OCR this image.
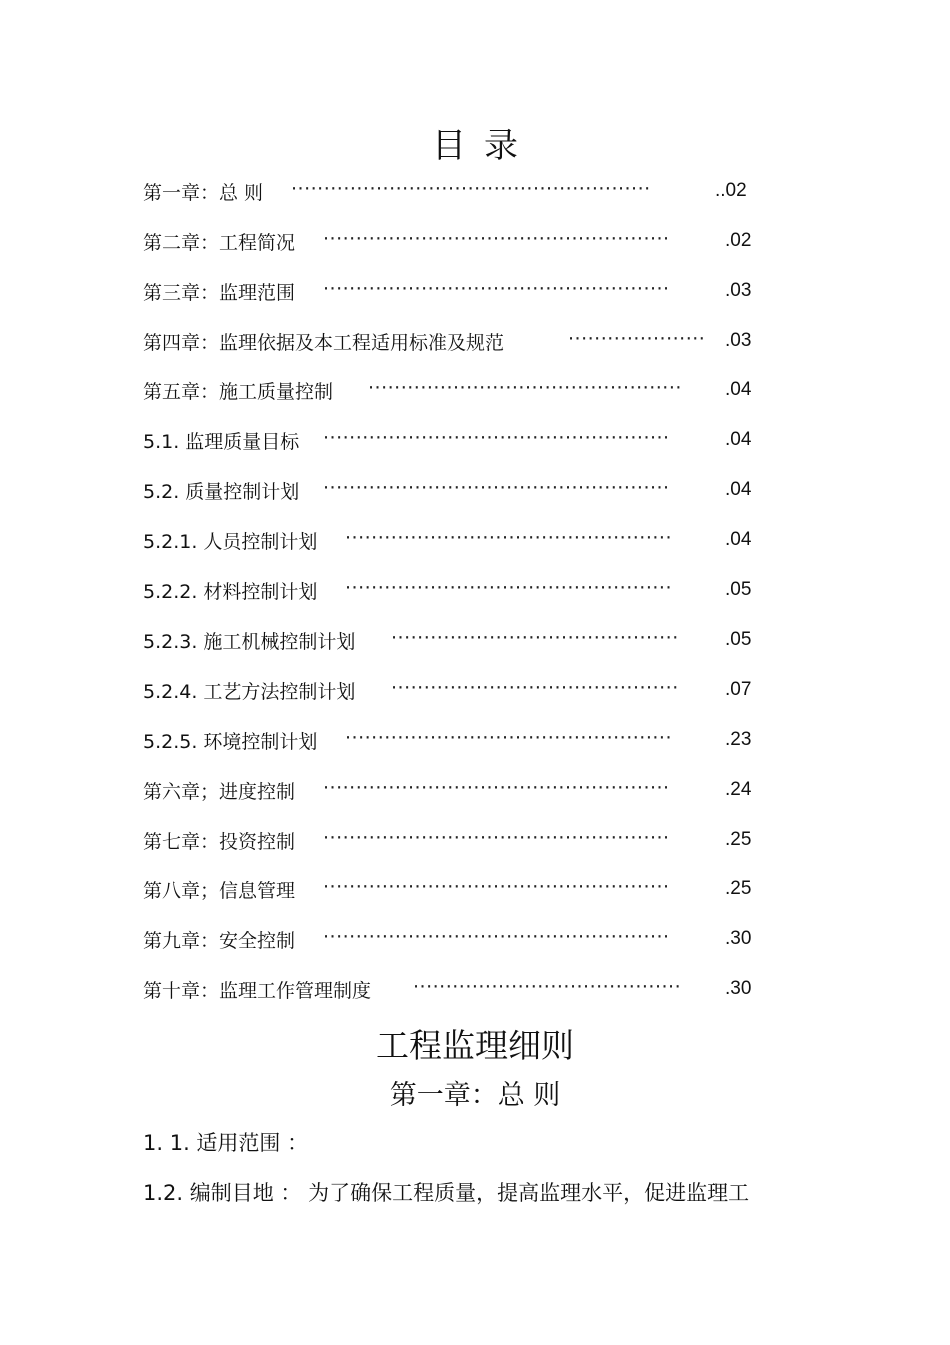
目录
第一章：总 则 ·······················································	..02
第二章：工程简况 ·····················································	.02
第三章：监理范围 ·····················································	.03
第四章：监理依据及本工程适用标准及规范	·····················	.03
第五章：施工质量控制 ················································	.04
5.1. 监理质量目标 ·····················································	.04
5.2. 质量控制计划 ·····················································	.04
5.2.1. 人员控制计划 ··················································	.04
5.2.2. 材料控制计划 ··················································	.05
5.2.3. 施工机械控制计划 ············································	.05
5.2.4. 工艺方法控制计划 ············································	.07
5.2.5. 环境控制计划 ··················································	.23
第六章；进度控制 ·····················································	.24
第七章：投资控制 ·····················································	.25
第八章；信息管理 ·····················································	.25
第九章：安全控制 ·····················································	.30
第十章：监理工作管理制度 ·········································	.30
工程监理细则
第一章：总 则
1. 1. 适用范围 ：
1.2. 编制目地 ： 为了确保工程质量，提高监理水平，促进监理工
